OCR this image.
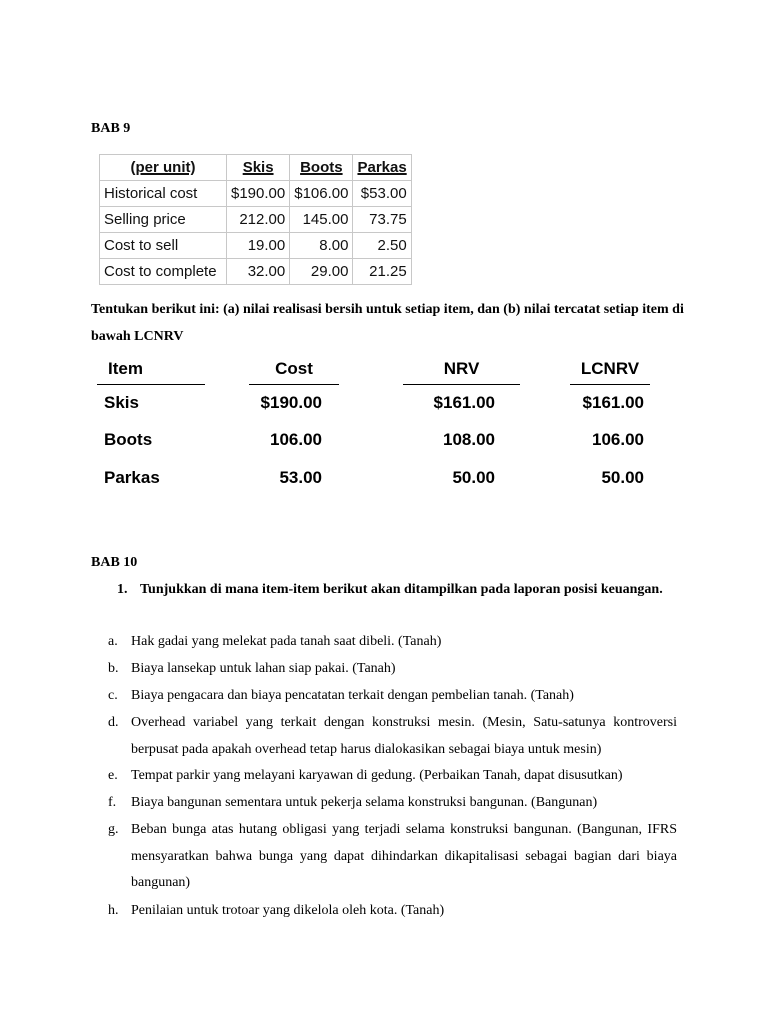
BAB 9
(per unit)	Skis	Boots	Parkas
Historical cost	$190.00	$106.00	$53.00
Selling price	212.00	145.00	73.75
Cost to sell	19.00	8.00	2.50
Cost to complete	32.00	29.00	21.25
Tentukan berikut ini: (a) nilai realisasi bersih untuk setiap item, dan (b) nilai tercatat setiap item di bawah LCNRV
Item	Cost	NRV	LCNRV
Skis	$190.00	$161.00	$161.00
Boots	106.00	108.00	106.00
Parkas	53.00	50.00	50.00
BAB 10
1. Tunjukkan di mana item-item berikut akan ditampilkan pada laporan posisi keuangan.
a. Hak gadai yang melekat pada tanah saat dibeli. (Tanah)
b. Biaya lansekap untuk lahan siap pakai. (Tanah)
c. Biaya pengacara dan biaya pencatatan terkait dengan pembelian tanah. (Tanah)
d. Overhead variabel yang terkait dengan konstruksi mesin. (Mesin, Satu-satunya kontroversi berpusat pada apakah overhead tetap harus dialokasikan sebagai biaya untuk mesin)
e. Tempat parkir yang melayani karyawan di gedung. (Perbaikan Tanah, dapat disusutkan)
f. Biaya bangunan sementara untuk pekerja selama konstruksi bangunan. (Bangunan)
g. Beban bunga atas hutang obligasi yang terjadi selama konstruksi bangunan. (Bangunan, IFRS mensyaratkan bahwa bunga yang dapat dihindarkan dikapitalisasi sebagai bagian dari biaya bangunan)
h. Penilaian untuk trotoar yang dikelola oleh kota. (Tanah)
